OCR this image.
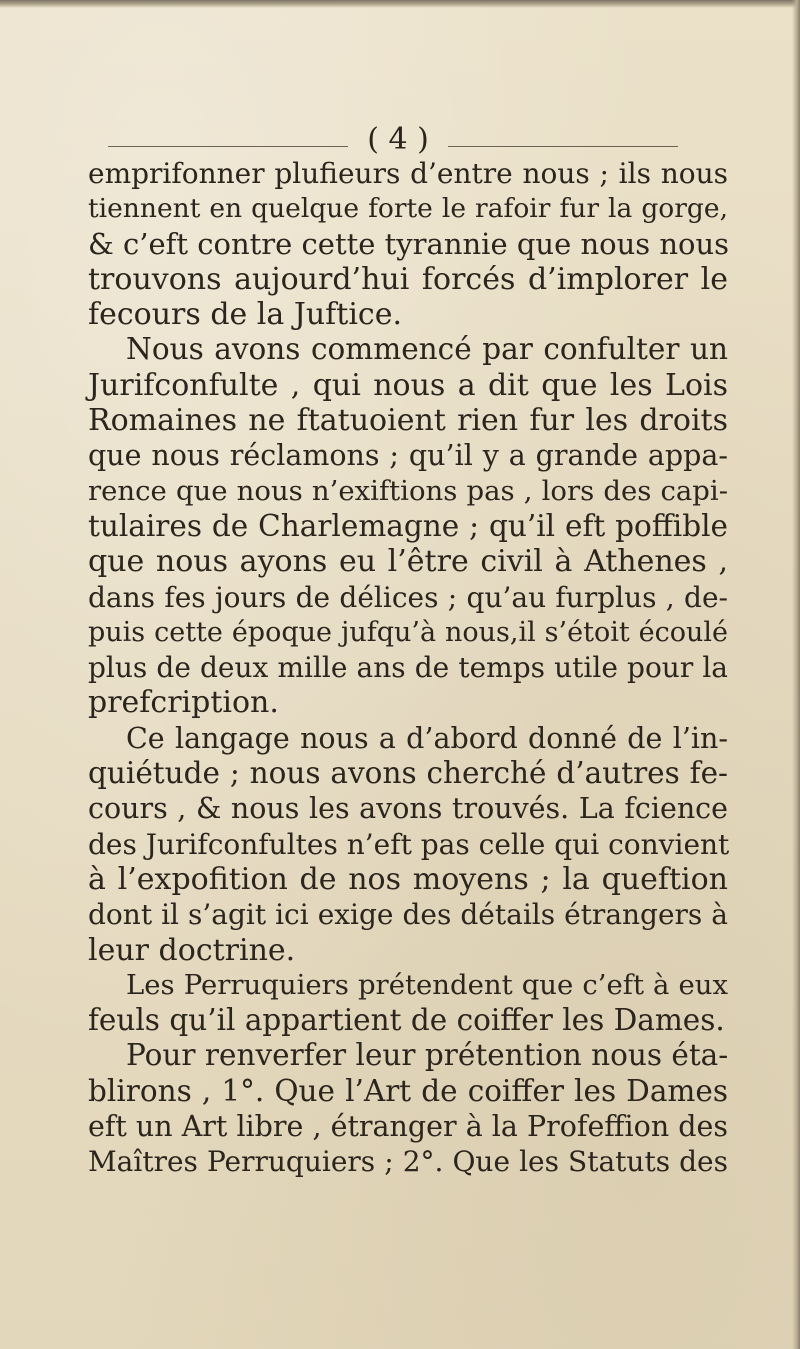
( 4 )
emprifonner plufieurs d’entre nous ; ils nous
tiennent en quelque forte le rafoir fur la gorge,
& c’eft contre cette tyrannie que nous nous
trouvons aujourd’hui forcés d’implorer le
fecours de la Juftice.
Nous avons commencé par confulter un
Jurifconfulte , qui nous a dit que les Lois
Romaines ne ftatuoient rien fur les droits
que nous réclamons ; qu’il y a grande appa-
rence que nous n’exiftions pas , lors des capi-
tulaires de Charlemagne ; qu’il eft poffible
que nous ayons eu l’être civil à Athenes ,
dans fes jours de délices ; qu’au furplus , de-
puis cette époque jufqu’à nous,il s’étoit écoulé
plus de deux mille ans de temps utile pour la
prefcription.
Ce langage nous a d’abord donné de l’in-
quiétude ; nous avons cherché d’autres fe-
cours , & nous les avons trouvés. La fcience
des Jurifconfultes n’eft pas celle qui convient
à l’expofition de nos moyens ; la queftion
dont il s’agit ici exige des détails étrangers à
leur doctrine.
Les Perruquiers prétendent que c’eft à eux
feuls qu’il appartient de coiffer les Dames.
Pour renverfer leur prétention nous éta-
blirons , 1°. Que l’Art de coiffer les Dames
eft un Art libre , étranger à la Profeffion des
Maîtres Perruquiers ; 2°. Que les Statuts des
